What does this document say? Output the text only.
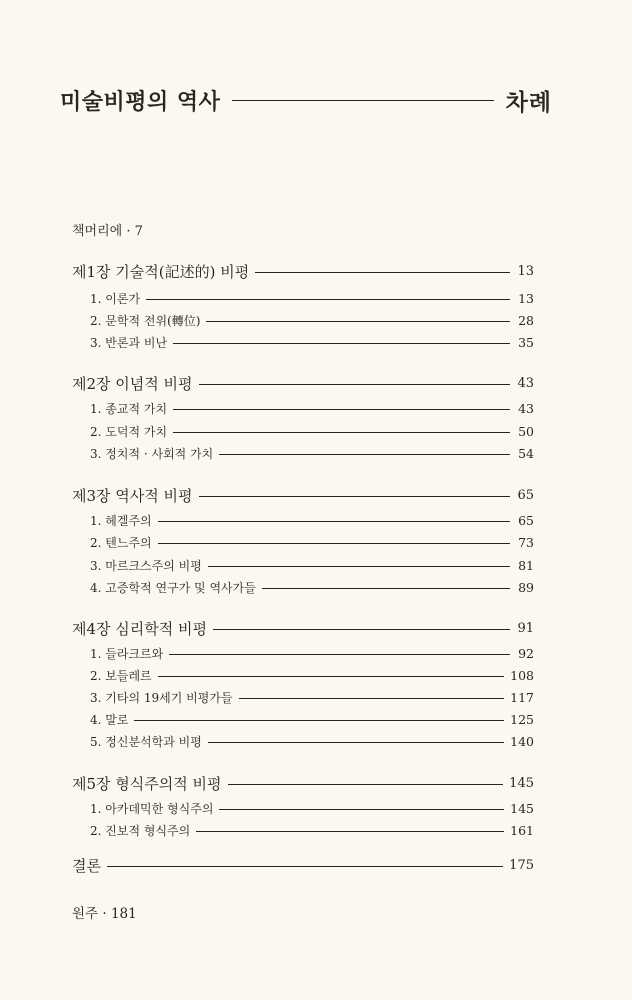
미술비평의 역사	차례
책머리에 · 7
제1장 기술적(記述的) 비평	13
1. 이론가	13
2. 문학적 전위(轉位)	28
3. 반론과 비난	35
제2장 이념적 비평	43
1. 종교적 가치	43
2. 도덕적 가치	50
3. 정치적 · 사회적 가치	54
제3장 역사적 비평	65
1. 헤겔주의	65
2. 텐느주의	73
3. 마르크스주의 비평	81
4. 고증학적 연구가 및 역사가들	89
제4장 심리학적 비평	91
1. 들라크르와	92
2. 보들레르	108
3. 기타의 19세기 비평가들	117
4. 말로	125
5. 정신분석학과 비평	140
제5장 형식주의적 비평	145
1. 아카데믹한 형식주의	145
2. 진보적 형식주의	161
결론	175
원주 · 181
